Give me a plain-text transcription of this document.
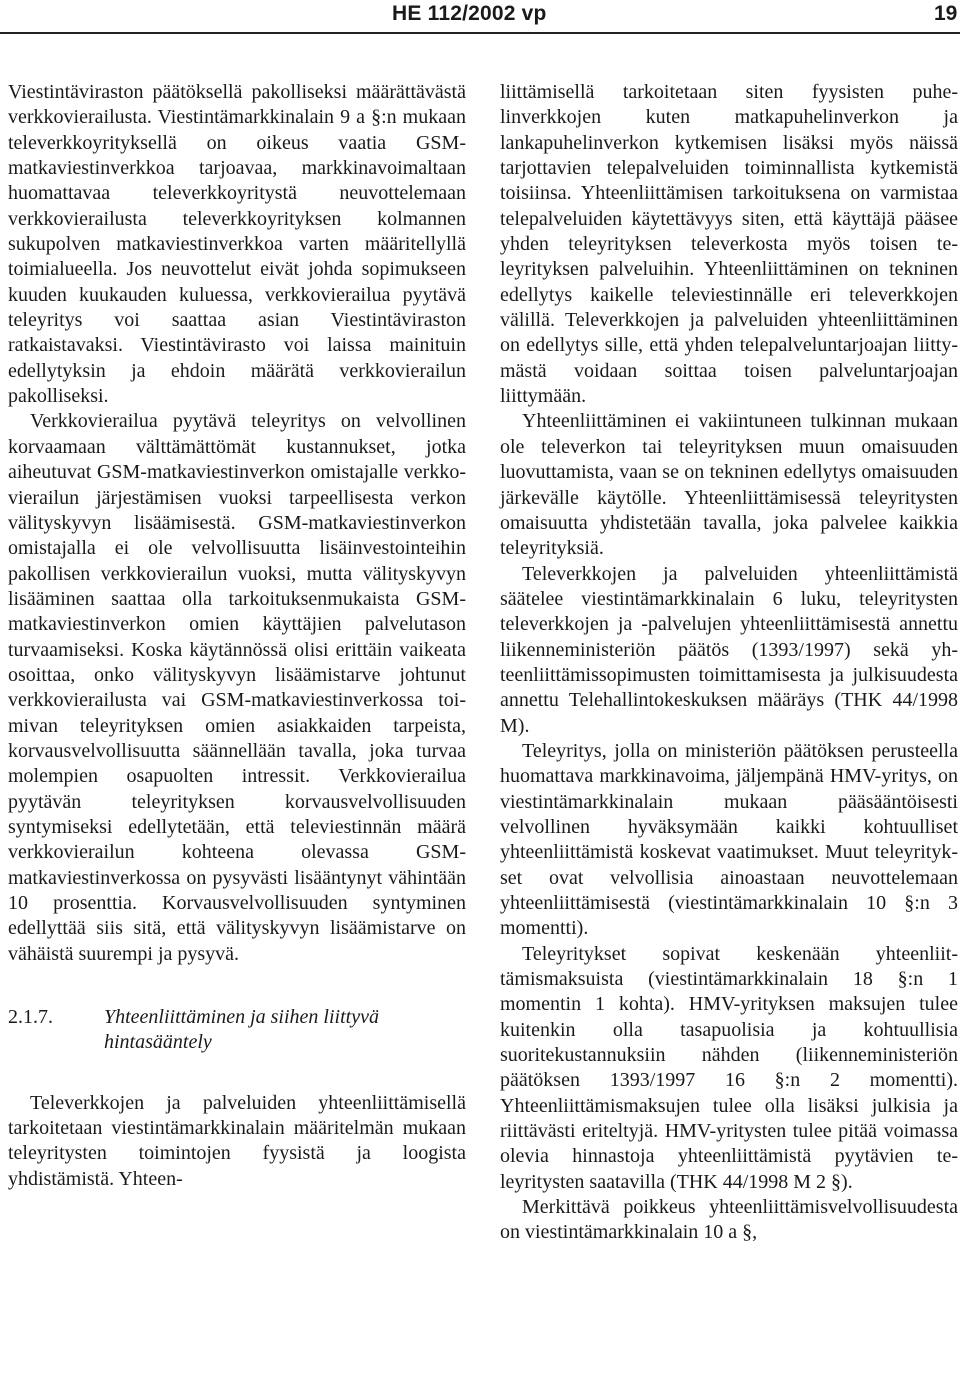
HE 112/2002 vp	19

Viestintäviraston päätöksellä pakolliseksi määrättävästä verkkovierailusta. Viestintämarkkinalain 9 a §:n mukaan televerkkoyrityksellä on oikeus vaatia GSM-matkaviestinverkkoa tarjoavaa, markkinavoimaltaan huomattavaa televerkkoyritystä neuvottelemaan verkkovierailusta televerkkoyrityksen kolmannen sukupolven matkaviestinverkkoa varten määritellyllä toimialueella. Jos neuvottelut eivät johda sopimukseen kuuden kuukauden kuluessa, verkkovierailua pyytävä teleyritys voi saattaa asian Viestintäviraston ratkaistavaksi. Viestintävirasto voi laissa mainituin edellytyksin ja ehdoin määrätä verkkovierailun pakolliseksi.

Verkkovierailua pyytävä teleyritys on velvollinen korvaamaan välttämättömät kustannukset, jotka aiheutuvat GSM-matkaviestinverkon omistajalle verkkovierailun järjestämisen vuoksi tarpeellisesta verkon välityskyvyn lisäämisestä. GSM-matkaviestinverkon omistajalla ei ole velvollisuutta lisäinvestointeihin pakollisen verkkovierailun vuoksi, mutta välityskyvyn lisääminen saattaa olla tarkoituksenmukaista GSM-matkaviestinverkon omien käyttäjien palvelutason turvaamiseksi. Koska käytännössä olisi erittäin vaikeata osoittaa, onko välityskyvyn lisäämistarve johtunut verkkovierailusta vai GSM-matkaviestinverkossa toimivan teleyrityksen omien asiakkaiden tarpeista, korvausvelvollisuutta säännellään tavalla, joka turvaa molempien osapuolten intressit. Verkkovierailua pyytävän teleyrityksen korvausvelvollisuuden syntymiseksi edellytetään, että televiestinnän määrä verkkovierailun kohteena olevassa GSM-matkaviestinverkossa on pysyvästi lisääntynyt vähintään 10 prosenttia. Korvausvelvollisuuden syntyminen edellyttää siis sitä, että välityskyvyn lisäämistarve on vähäistä suurempi ja pysyvä.

2.1.7.	Yhteenliittäminen ja siihen liittyvä hintasääntely

Televerkkojen ja palveluiden yhteenliittämisellä tarkoitetaan viestintämarkkinalain määritelmän mukaan teleyritysten toimintojen fyysistä ja loogista yhdistämistä. Yhteen-

liittämisellä tarkoitetaan siten fyysisten puhelinverkkojen kuten matkapuhelinverkon ja lankapuhelinverkon kytkemisen lisäksi myös näissä tarjottavien telepalveluiden toiminnallista kytkemistä toisiinsa. Yhteenliittämisen tarkoituksena on varmistaa telepalveluiden käytettävyys siten, että käyttäjä pääsee yhden teleyrityksen televerkosta myös toisen teleyrityksen palveluihin. Yhteenliittäminen on tekninen edellytys kaikelle televiestinnälle eri televerkkojen välillä. Televerkkojen ja palveluiden yhteenliittäminen on edellytys sille, että yhden telepalveluntarjoajan liittymästä voidaan soittaa toisen palveluntarjoajan liittymään.

Yhteenliittäminen ei vakiintuneen tulkinnan mukaan ole televerkon tai teleyrityksen muun omaisuuden luovuttamista, vaan se on tekninen edellytys omaisuuden järkevälle käytölle. Yhteenliittämisessä teleyritysten omaisuutta yhdistetään tavalla, joka palvelee kaikkia teleyrityksiä.

Televerkkojen ja palveluiden yhteenliittämistä säätelee viestintämarkkinalain 6 luku, teleyritysten televerkkojen ja -palvelujen yhteenliittämisestä annettu liikenneministeriön päätös (1393/1997) sekä yhteenliittämissopimusten toimittamisesta ja julkisuudesta annettu Telehallintokeskuksen määräys (THK 44/1998 M).

Teleyritys, jolla on ministeriön päätöksen perusteella huomattava markkinavoima, jäljempänä HMV-yritys, on viestintämarkkinalain mukaan pääsääntöisesti velvollinen hyväksymään kaikki kohtuulliset yhteenliittämistä koskevat vaatimukset. Muut teleyritykset ovat velvollisia ainoastaan neuvottelemaan yhteenliittämisestä (viestintämarkkinalain 10 §:n 3 momentti).

Teleyritykset sopivat keskenään yhteenliittämismaksuista (viestintämarkkinalain 18 §:n 1 momentin 1 kohta). HMV-yrityksen maksujen tulee kuitenkin olla tasapuolisia ja kohtuullisia suoritekustannuksiin nähden (liikenneministeriön päätöksen 1393/1997 16 §:n 2 momentti). Yhteenliittämismaksujen tulee olla lisäksi julkisia ja riittävästi eriteltyjä. HMV-yritysten tulee pitää voimassa olevia hinnastoja yhteenliittämistä pyytävien teleyritysten saatavilla (THK 44/1998 M 2 §).

Merkittävä poikkeus yhteenliittämisvelvollisuudesta on viestintämarkkinalain 10 a §,
